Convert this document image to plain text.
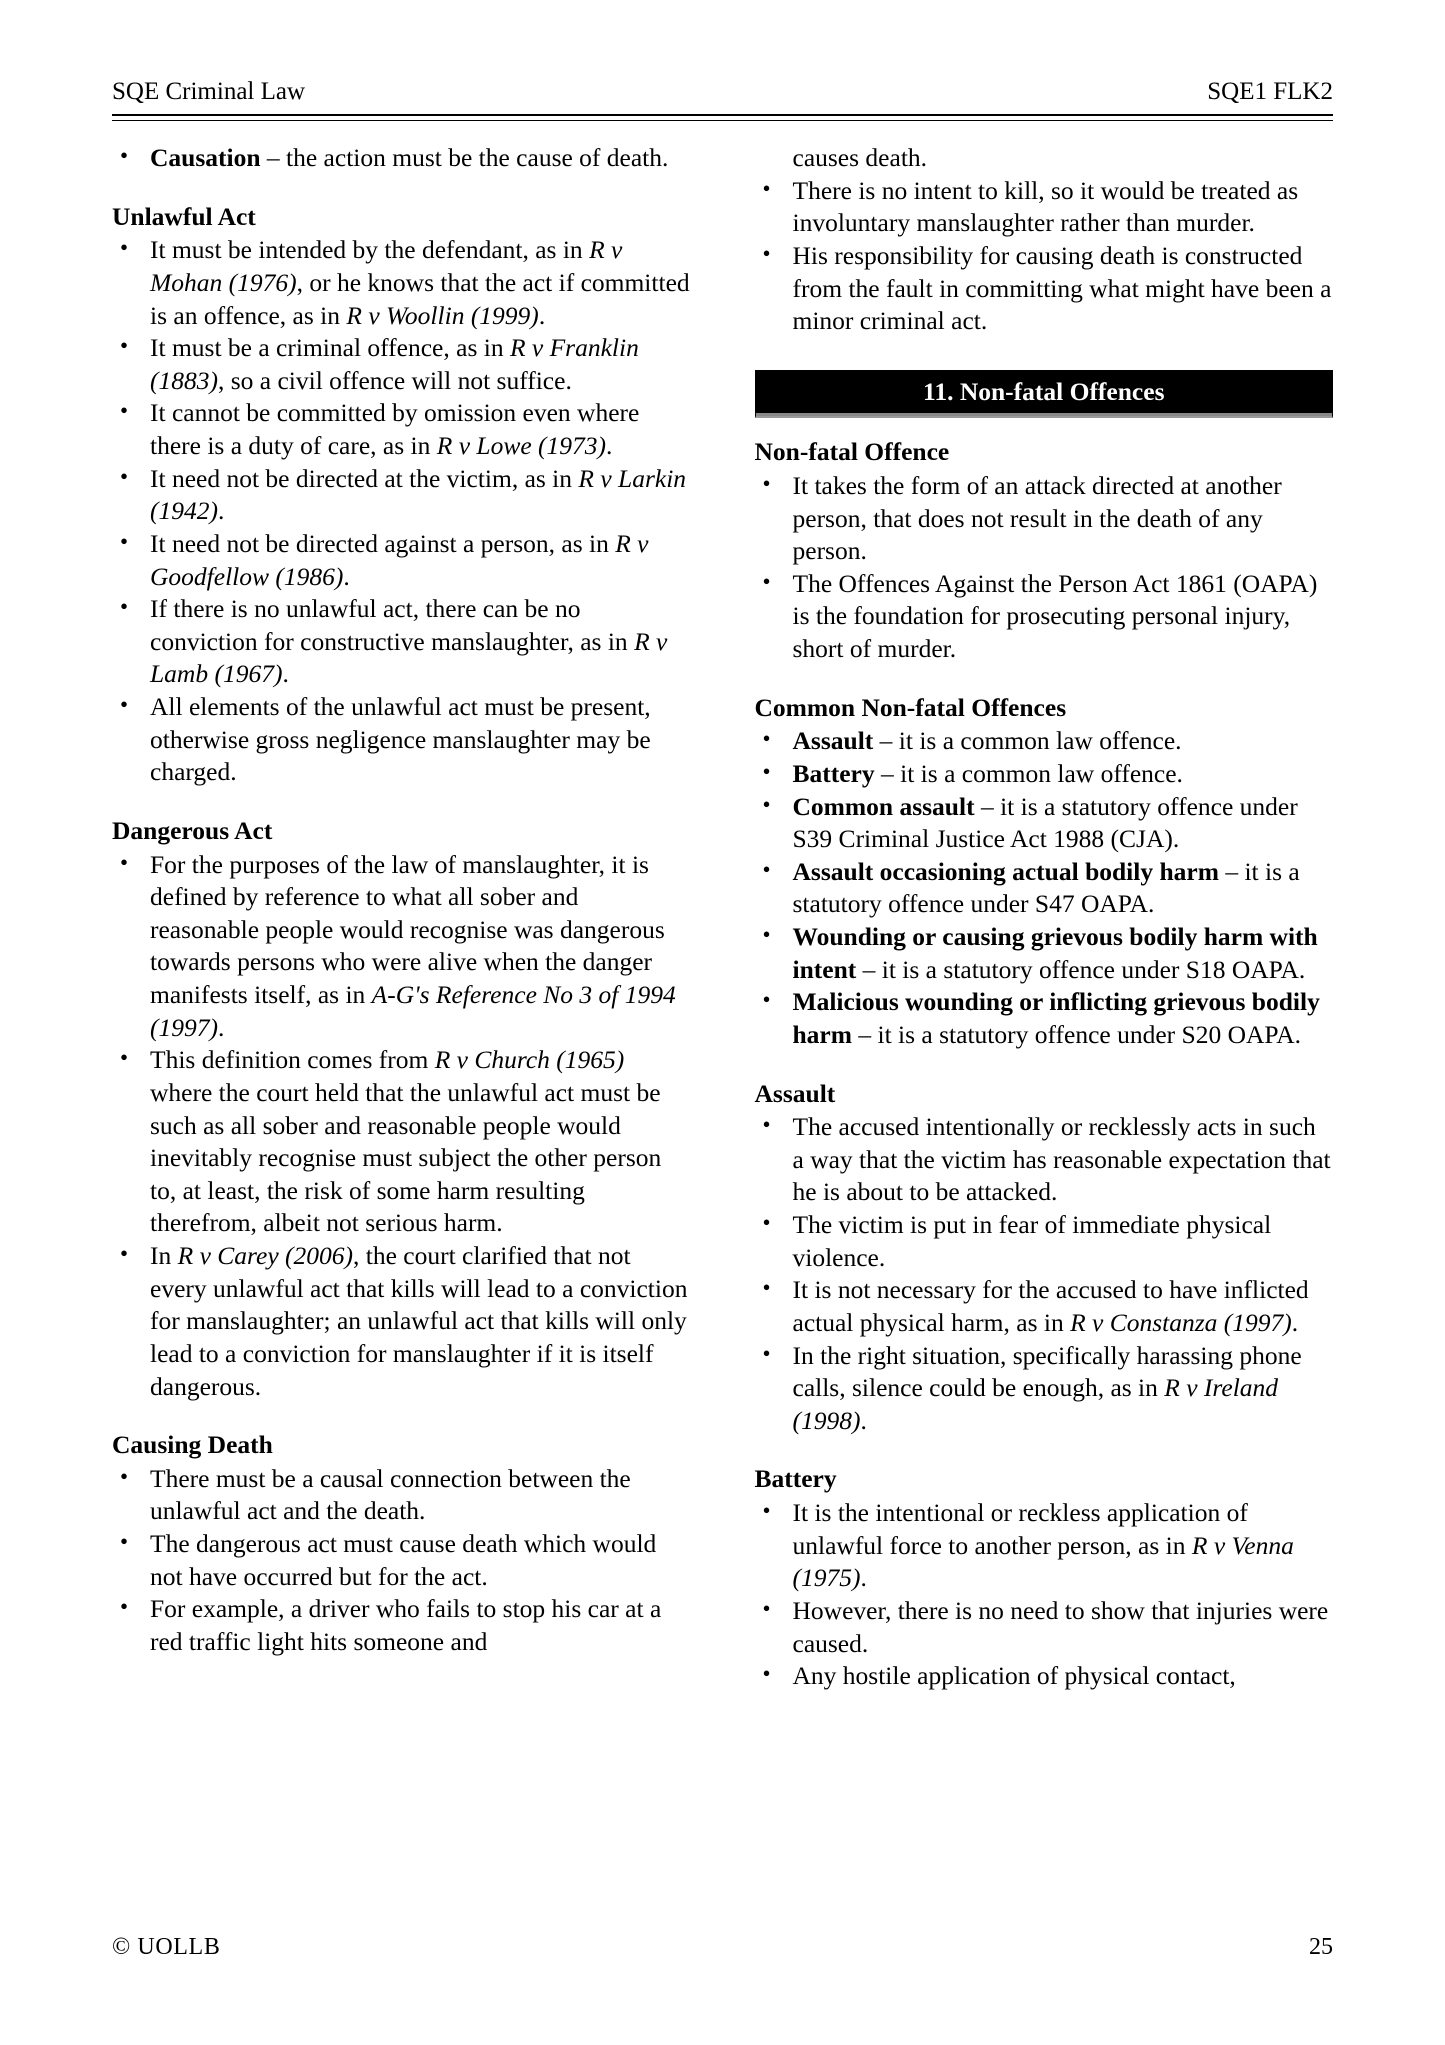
SQE Criminal Law	SQE1 FLK2
• Causation – the action must be the cause of death.
Unlawful Act
• It must be intended by the defendant, as in R v Mohan (1976), or he knows that the act if committed is an offence, as in R v Woollin (1999).
• It must be a criminal offence, as in R v Franklin (1883), so a civil offence will not suffice.
• It cannot be committed by omission even where there is a duty of care, as in R v Lowe (1973).
• It need not be directed at the victim, as in R v Larkin (1942).
• It need not be directed against a person, as in R v Goodfellow (1986).
• If there is no unlawful act, there can be no conviction for constructive manslaughter, as in R v Lamb (1967).
• All elements of the unlawful act must be present, otherwise gross negligence manslaughter may be charged.
Dangerous Act
• For the purposes of the law of manslaughter, it is defined by reference to what all sober and reasonable people would recognise was dangerous towards persons who were alive when the danger manifests itself, as in A-G's Reference No 3 of 1994 (1997).
• This definition comes from R v Church (1965) where the court held that the unlawful act must be such as all sober and reasonable people would inevitably recognise must subject the other person to, at least, the risk of some harm resulting therefrom, albeit not serious harm.
• In R v Carey (2006), the court clarified that not every unlawful act that kills will lead to a conviction for manslaughter; an unlawful act that kills will only lead to a conviction for manslaughter if it is itself dangerous.
Causing Death
• There must be a causal connection between the unlawful act and the death.
• The dangerous act must cause death which would not have occurred but for the act.
• For example, a driver who fails to stop his car at a red traffic light hits someone and
causes death.
• There is no intent to kill, so it would be treated as involuntary manslaughter rather than murder.
• His responsibility for causing death is constructed from the fault in committing what might have been a minor criminal act.
11. Non-fatal Offences
Non-fatal Offence
• It takes the form of an attack directed at another person, that does not result in the death of any person.
• The Offences Against the Person Act 1861 (OAPA) is the foundation for prosecuting personal injury, short of murder.
Common Non-fatal Offences
• Assault – it is a common law offence.
• Battery – it is a common law offence.
• Common assault – it is a statutory offence under S39 Criminal Justice Act 1988 (CJA).
• Assault occasioning actual bodily harm – it is a statutory offence under S47 OAPA.
• Wounding or causing grievous bodily harm with intent – it is a statutory offence under S18 OAPA.
• Malicious wounding or inflicting grievous bodily harm – it is a statutory offence under S20 OAPA.
Assault
• The accused intentionally or recklessly acts in such a way that the victim has reasonable expectation that he is about to be attacked.
• The victim is put in fear of immediate physical violence.
• It is not necessary for the accused to have inflicted actual physical harm, as in R v Constanza (1997).
• In the right situation, specifically harassing phone calls, silence could be enough, as in R v Ireland (1998).
Battery
• It is the intentional or reckless application of unlawful force to another person, as in R v Venna (1975).
• However, there is no need to show that injuries were caused.
• Any hostile application of physical contact,
© UOLLB	25
